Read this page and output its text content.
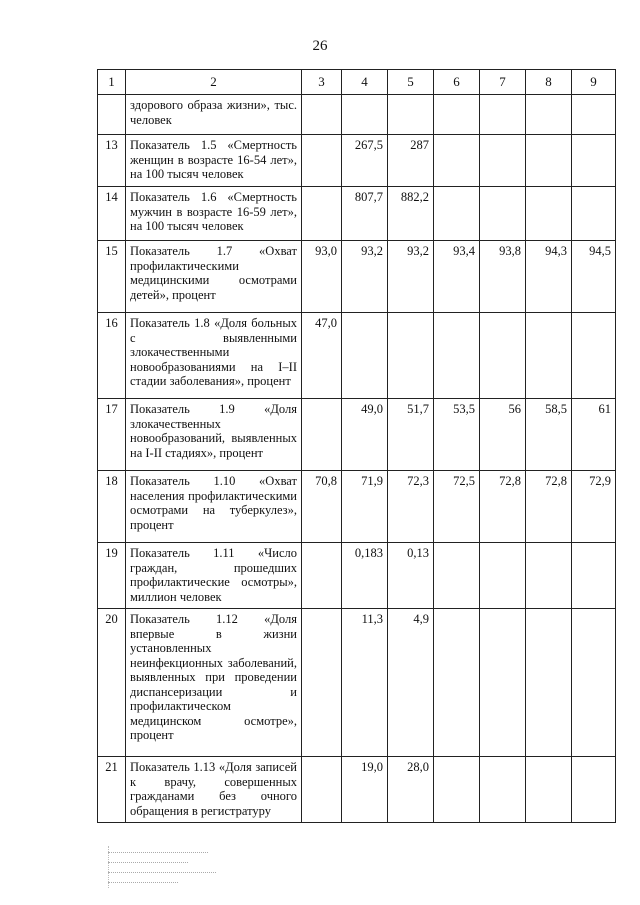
26
1	2	3	4	5	6	7	8	9
	здорового образа жизни», тыс. человек							
13	Показатель 1.5 «Смертность женщин в возрасте 16-54 лет», на 100 тысяч человек		267,5	287				
14	Показатель 1.6 «Смертность мужчин в возрасте 16-59 лет», на 100 тысяч человек		807,7	882,2				
15	Показатель 1.7 «Охват профилактическими медицинскими осмотрами детей», процент	93,0	93,2	93,2	93,4	93,8	94,3	94,5
16	Показатель 1.8 «Доля больных с выявленными злокачественными новообразованиями на I–II стадии заболевания», процент	47,0						
17	Показатель 1.9 «Доля злокачественных новообразований, выявленных на I-II стадиях», процент		49,0	51,7	53,5	56	58,5	61
18	Показатель 1.10 «Охват населения профилактическими осмотрами на туберкулез», процент	70,8	71,9	72,3	72,5	72,8	72,8	72,9
19	Показатель 1.11 «Число граждан, прошедших профилактические осмотры», миллион человек		0,183	0,13				
20	Показатель 1.12 «Доля впервые в жизни установленных неинфекционных заболеваний, выявленных при проведении диспансеризации и профилактическом медицинском осмотре», процент		11,3	4,9				
21	Показатель 1.13 «Доля записей к врачу, совершенных гражданами без очного обращения в регистратуру		19,0	28,0				
